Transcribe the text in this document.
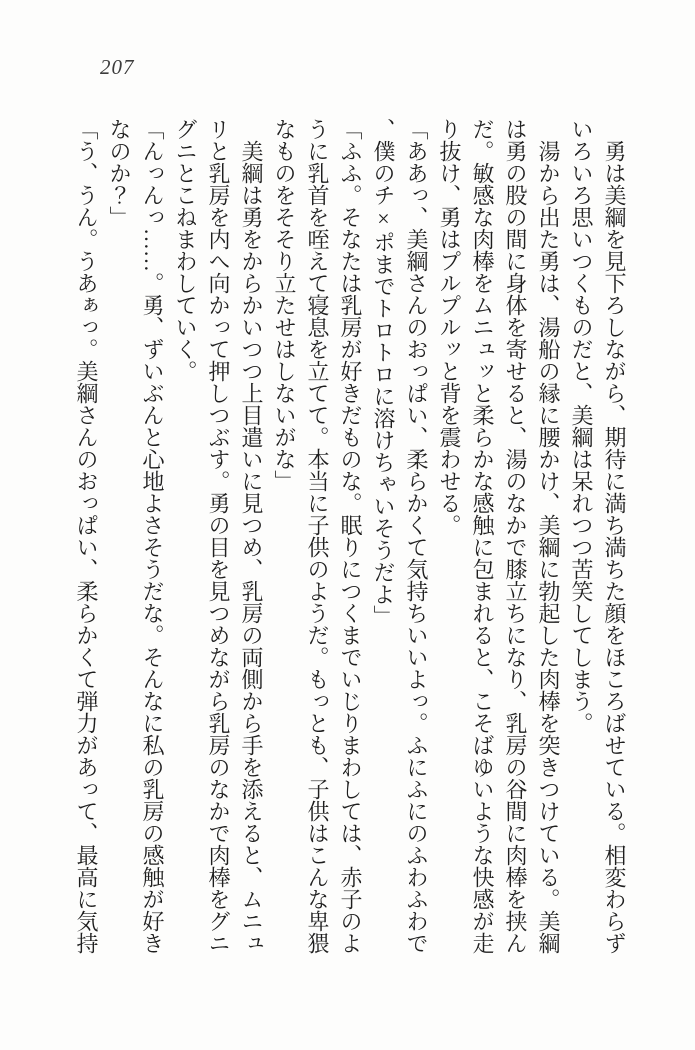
207

勇は美綱を見下ろしながら、期待に満ち満ちた顔をほころばせている。相変わらずいろいろ思いつくものだと、美綱は呆れつつ苦笑してしまう。

湯から出た勇は、湯船の縁に腰かけ、美綱に勃起した肉棒を突きつけている。美綱は勇の股の間に身体を寄せると、湯のなかで膝立ちになり、乳房の谷間に肉棒を挟んだ。敏感な肉棒をムニュッと柔らかな感触に包まれると、こそばゆいような快感が走り抜け、勇はプルプルッと背を震わせる。

「ああっ、美綱さんのおっぱい、柔らかくて気持ちいいよっ。ふにふにのふわふわで、僕のチ×ポまでトロトロに溶けちゃいそうだよ」

「ふふ。そなたは乳房が好きだものな。眠りにつくまでいじりまわしては、赤子のように乳首を咥えて寝息を立てて。本当に子供のようだ。もっとも、子供はこんな卑猥なものをそそり立たせはしないがな」

美綱は勇をからかいつつ上目遣いに見つめ、乳房の両側から手を添えると、ムニュリと乳房を内へ向かって押しつぶす。勇の目を見つめながら乳房のなかで肉棒をグニグニとこねまわしていく。

「んっんっ……。勇、ずいぶんと心地よさそうだな。そんなに私の乳房の感触が好きなのか？」

「う、うん。うあぁっ。美綱さんのおっぱい、柔らかくて弾力があって、最高に気持
